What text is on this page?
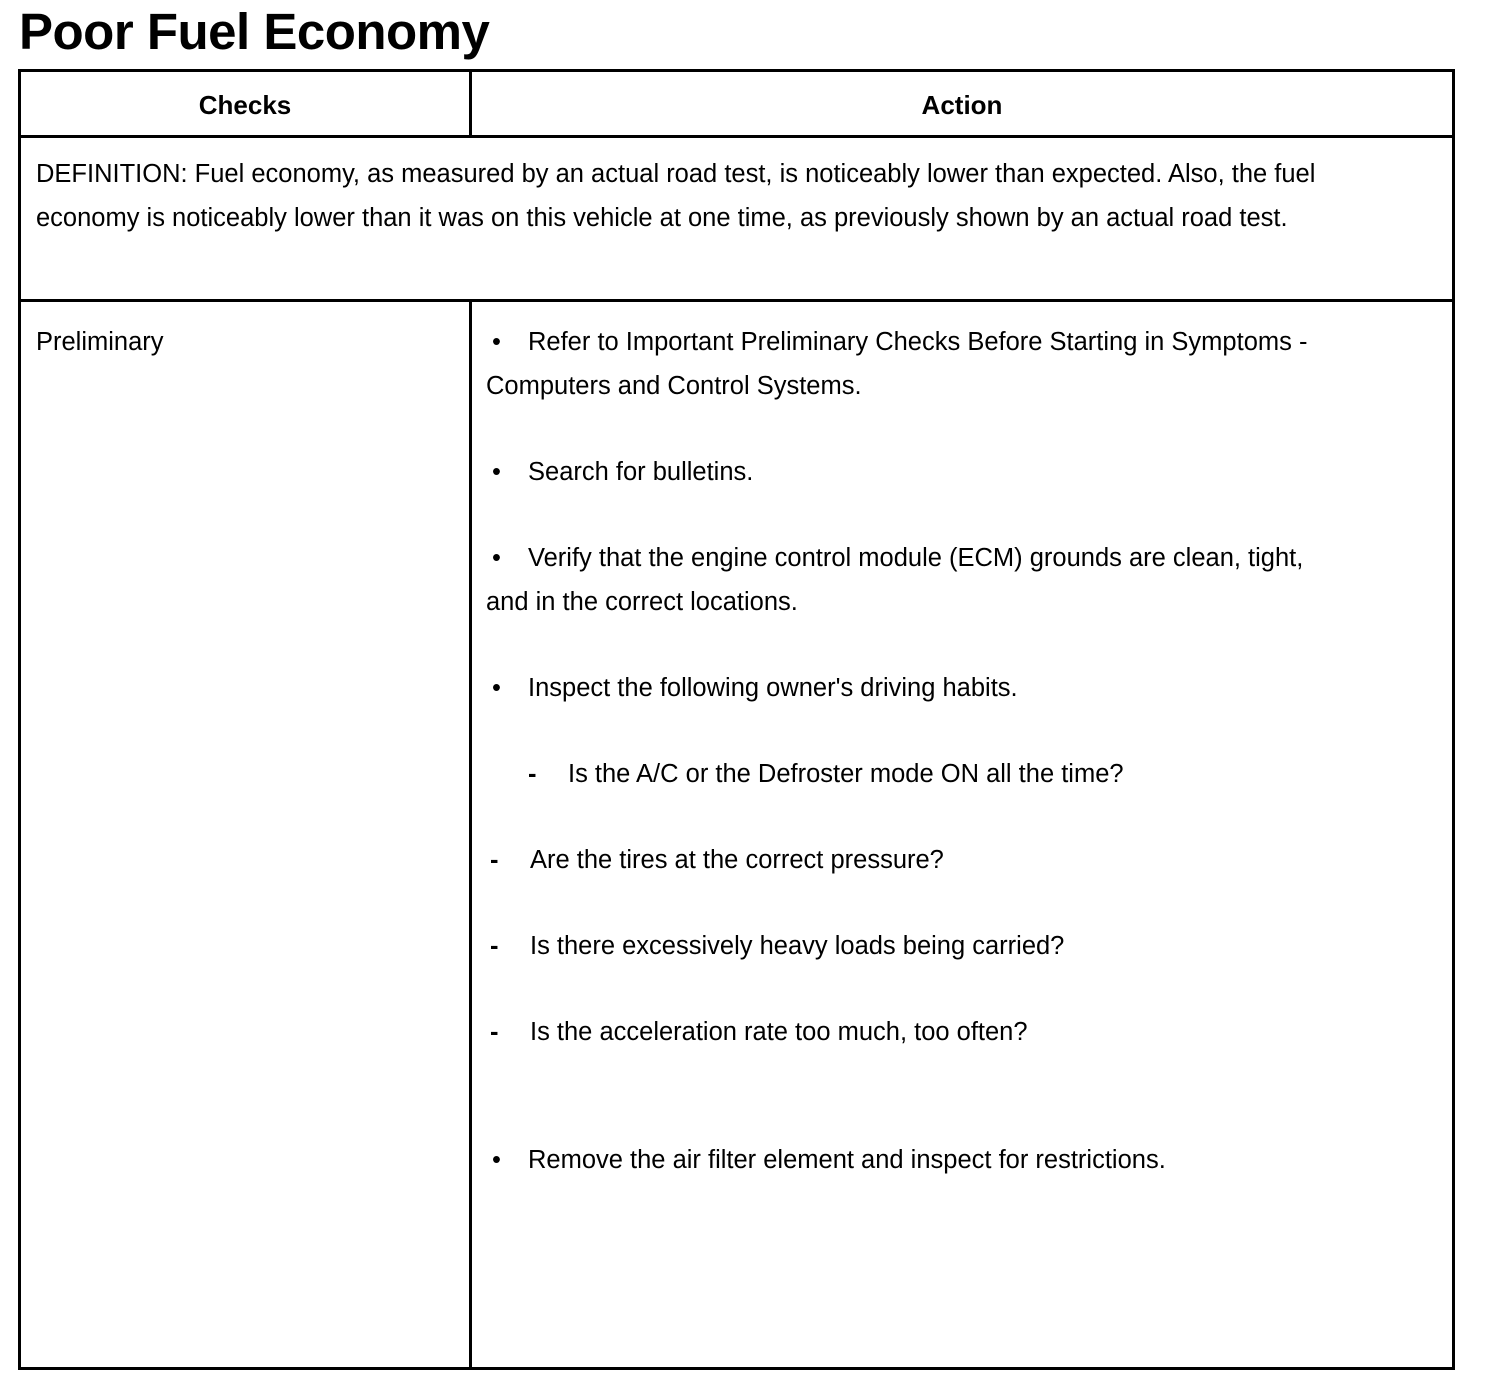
Poor Fuel Economy
Checks	Action

DEFINITION: Fuel economy, as measured by an actual road test, is noticeably lower than expected. Also, the fuel economy is noticeably lower than it was on this vehicle at one time, as previously shown by an actual road test.

Preliminary	• Refer to Important Preliminary Checks Before Starting in Symptoms - Computers and Control Systems.
• Search for bulletins.
• Verify that the engine control module (ECM) grounds are clean, tight, and in the correct locations.
• Inspect the following owner's driving habits.
- Is the A/C or the Defroster mode ON all the time?
- Are the tires at the correct pressure?
- Is there excessively heavy loads being carried?
- Is the acceleration rate too much, too often?
• Remove the air filter element and inspect for restrictions.
